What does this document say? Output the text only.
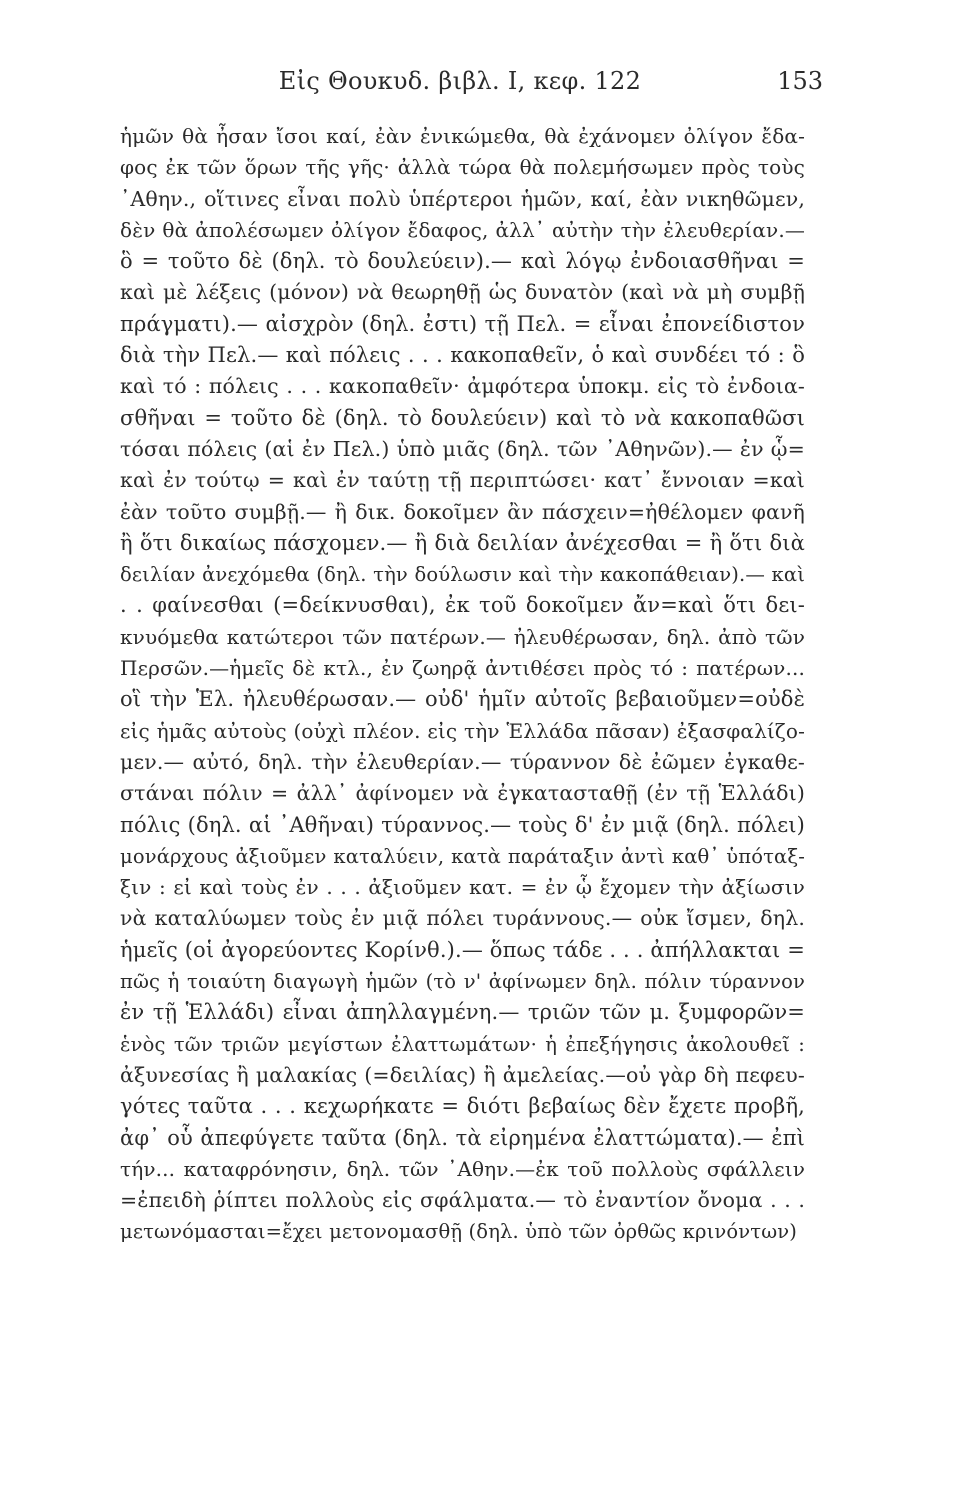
Εἰς Θουκυδ. βιβλ. Ι, κεφ. 122	153
ἡμῶν θὰ ἦσαν ἴσοι καί, ἐὰν ἐνικώμεθα, θὰ ἐχάνομεν ὀλίγον ἔδα-
φος ἐκ τῶν ὅρων τῆς γῆς· ἀλλὰ τώρα θὰ πολεμήσωμεν πρὸς τοὺς
᾿Αθην., οἵτινες εἶναι πολὺ ὑπέρτεροι ἡμῶν, καί, ἐὰν νικηθῶμεν,
δὲν θὰ ἀπολέσωμεν ὀλίγον ἔδαφος, ἀλλ᾿ αὐτὴν τὴν ἐλευθερίαν.—
ὃ = τοῦτο δὲ (δηλ. τὸ δουλεύειν).— καὶ λόγῳ ἐνδοιασθῆναι =
καὶ μὲ λέξεις (μόνον) νὰ θεωρηθῇ ὡς δυνατὸν (καὶ νὰ μὴ συμβῇ
πράγματι).— αἰσχρὸν (δηλ. ἐστι) τῇ Πελ. = εἶναι ἐπονείδιστον
διὰ τὴν Πελ.— καὶ πόλεις . . . κακοπαθεῖν, ὁ καὶ συνδέει τό : ὃ
καὶ τό : πόλεις . . . κακοπαθεῖν· ἀμφότερα ὑποκμ. εἰς τὸ ἐνδοια-
σθῆναι = τοῦτο δὲ (δηλ. τὸ δουλεύειν) καὶ τὸ νὰ κακοπαθῶσι
τόσαι πόλεις (αἱ ἐν Πελ.) ὑπὸ μιᾶς (δηλ. τῶν ᾿Αθηνῶν).— ἐν ᾧ=
καὶ ἐν τούτῳ = καὶ ἐν ταύτῃ τῇ περιπτώσει· κατ᾿ ἔννοιαν =καὶ
ἐὰν τοῦτο συμβῇ.— ἢ δικ. δοκοῖμεν ἂν πάσχειν=ἠθέλομεν φανῆ
ἢ ὅτι δικαίως πάσχομεν.— ἢ διὰ δειλίαν ἀνέχεσθαι = ἢ ὅτι διὰ
δειλίαν ἀνεχόμεθα (δηλ. τὴν δούλωσιν καὶ τὴν κακοπάθειαν).— καὶ
. . φαίνεσθαι (=δείκνυσθαι), ἐκ τοῦ δοκοῖμεν ἄν=καὶ ὅτι δει-
κνυόμεθα κατώτεροι τῶν πατέρων.— ἠλευθέρωσαν, δηλ. ἀπὸ τῶν
Περσῶν.—ἡμεῖς δὲ κτλ., ἐν ζωηρᾷ ἀντιθέσει πρὸς τό : πατέρων...
οἳ τὴν Ἑλ. ἠλευθέρωσαν.— οὐδ' ἡμῖν αὐτοῖς βεβαιοῦμεν=οὐδὲ
εἰς ἡμᾶς αὐτοὺς (οὐχὶ πλέον. εἰς τὴν Ἑλλάδα πᾶσαν) ἐξασφαλίζο-
μεν.— αὐτό, δηλ. τὴν ἐλευθερίαν.— τύραννον δὲ ἐῶμεν ἐγκαθε-
στάναι πόλιν = ἀλλ᾿ ἀφίνομεν νὰ ἐγκατασταθῇ (ἐν τῇ Ἑλλάδι)
πόλις (δηλ. αἱ ᾿Αθῆναι) τύραννος.— τοὺς δ' ἐν μιᾷ (δηλ. πόλει)
μονάρχους ἀξιοῦμεν καταλύειν, κατὰ παράταξιν ἀντὶ καθ᾿ ὑπόταξ-
ξιν : εἰ καὶ τοὺς ἐν . . . ἀξιοῦμεν κατ. = ἐν ᾧ ἔχομεν τὴν ἀξίωσιν
νὰ καταλύωμεν τοὺς ἐν μιᾷ πόλει τυράννους.— οὐκ ἴσμεν, δηλ.
ἡμεῖς (οἱ ἀγορεύοντες Κορίνθ.).— ὅπως τάδε . . . ἀπήλλακται =
πῶς ἡ τοιαύτη διαγωγὴ ἡμῶν (τὸ ν' ἀφίνωμεν δηλ. πόλιν τύραννον
ἐν τῇ Ἑλλάδι) εἶναι ἀπηλλαγμένη.— τριῶν τῶν μ. ξυμφορῶν=
ἑνὸς τῶν τριῶν μεγίστων ἐλαττωμάτων· ἡ ἐπεξήγησις ἀκολουθεῖ :
ἀξυνεσίας ἢ μαλακίας (=δειλίας) ἢ ἀμελείας.—οὐ γὰρ δὴ πεφευ-
γότες ταῦτα . . . κεχωρήκατε = διότι βεβαίως δὲν ἔχετε προβῆ,
ἀφ᾿ οὗ ἀπεφύγετε ταῦτα (δηλ. τὰ εἰρημένα ἐλαττώματα).— ἐπὶ
τήν... καταφρόνησιν, δηλ. τῶν ᾿Αθην.—ἐκ τοῦ πολλοὺς σφάλλειν
=ἐπειδὴ ῥίπτει πολλοὺς εἰς σφάλματα.— τὸ ἐναντίον ὄνομα . . .
μετωνόμασται=ἔχει μετονομασθῇ (δηλ. ὑπὸ τῶν ὀρθῶς κρινόντων)
